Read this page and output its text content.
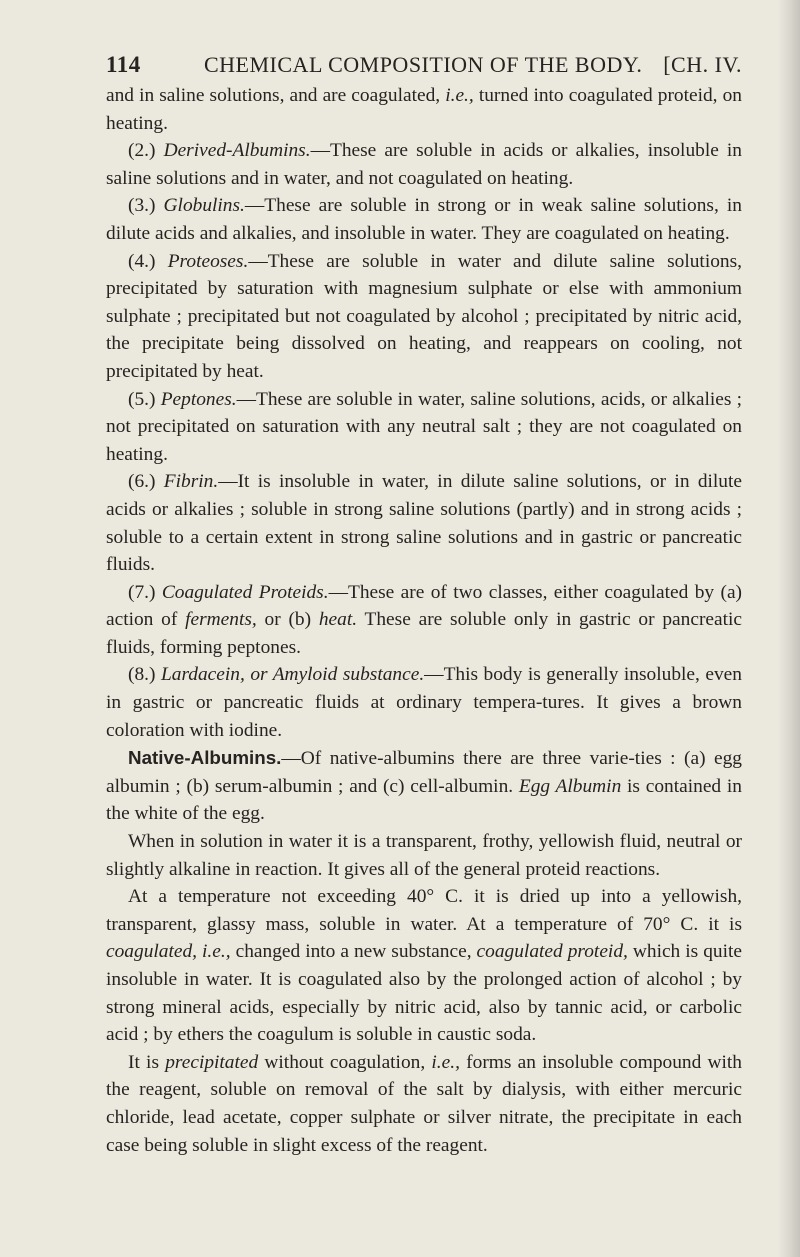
114	CHEMICAL COMPOSITION OF THE BODY. [CH. IV.

and in saline solutions, and are coagulated, i.e., turned into coagulated proteid, on heating.

(2.) Derived-Albumins.—These are soluble in acids or alkalies, insoluble in saline solutions and in water, and not coagulated on heating.

(3.) Globulins.—These are soluble in strong or in weak saline solutions, in dilute acids and alkalies, and insoluble in water. They are coagulated on heating.

(4.) Proteoses.—These are soluble in water and dilute saline solutions, precipitated by saturation with magnesium sulphate or else with ammonium sulphate ; precipitated but not coagulated by alcohol ; precipitated by nitric acid, the precipitate being dissolved on heating, and reappears on cooling, not precipitated by heat.

(5.) Peptones.—These are soluble in water, saline solutions, acids, or alkalies ; not precipitated on saturation with any neutral salt ; they are not coagulated on heating.

(6.) Fibrin.—It is insoluble in water, in dilute saline solutions, or in dilute acids or alkalies ; soluble in strong saline solutions (partly) and in strong acids ; soluble to a certain extent in strong saline solutions and in gastric or pancreatic fluids.

(7.) Coagulated Proteids.—These are of two classes, either coagulated by (a) action of ferments, or (b) heat. These are soluble only in gastric or pancreatic fluids, forming peptones.

(8.) Lardacein, or Amyloid substance.—This body is generally insoluble, even in gastric or pancreatic fluids at ordinary tempera-tures. It gives a brown coloration with iodine.

Native-Albumins.—Of native-albumins there are three varie-ties : (a) egg albumin ; (b) serum-albumin ; and (c) cell-albumin. Egg Albumin is contained in the white of the egg.

When in solution in water it is a transparent, frothy, yellowish fluid, neutral or slightly alkaline in reaction. It gives all of the general proteid reactions.

At a temperature not exceeding 40° C. it is dried up into a yellowish, transparent, glassy mass, soluble in water. At a temperature of 70° C. it is coagulated, i.e., changed into a new substance, coagulated proteid, which is quite insoluble in water. It is coagulated also by the prolonged action of alcohol ; by strong mineral acids, especially by nitric acid, also by tannic acid, or carbolic acid ; by ethers the coagulum is soluble in caustic soda.

It is precipitated without coagulation, i.e., forms an insoluble compound with the reagent, soluble on removal of the salt by dialysis, with either mercuric chloride, lead acetate, copper sulphate or silver nitrate, the precipitate in each case being soluble in slight excess of the reagent.
